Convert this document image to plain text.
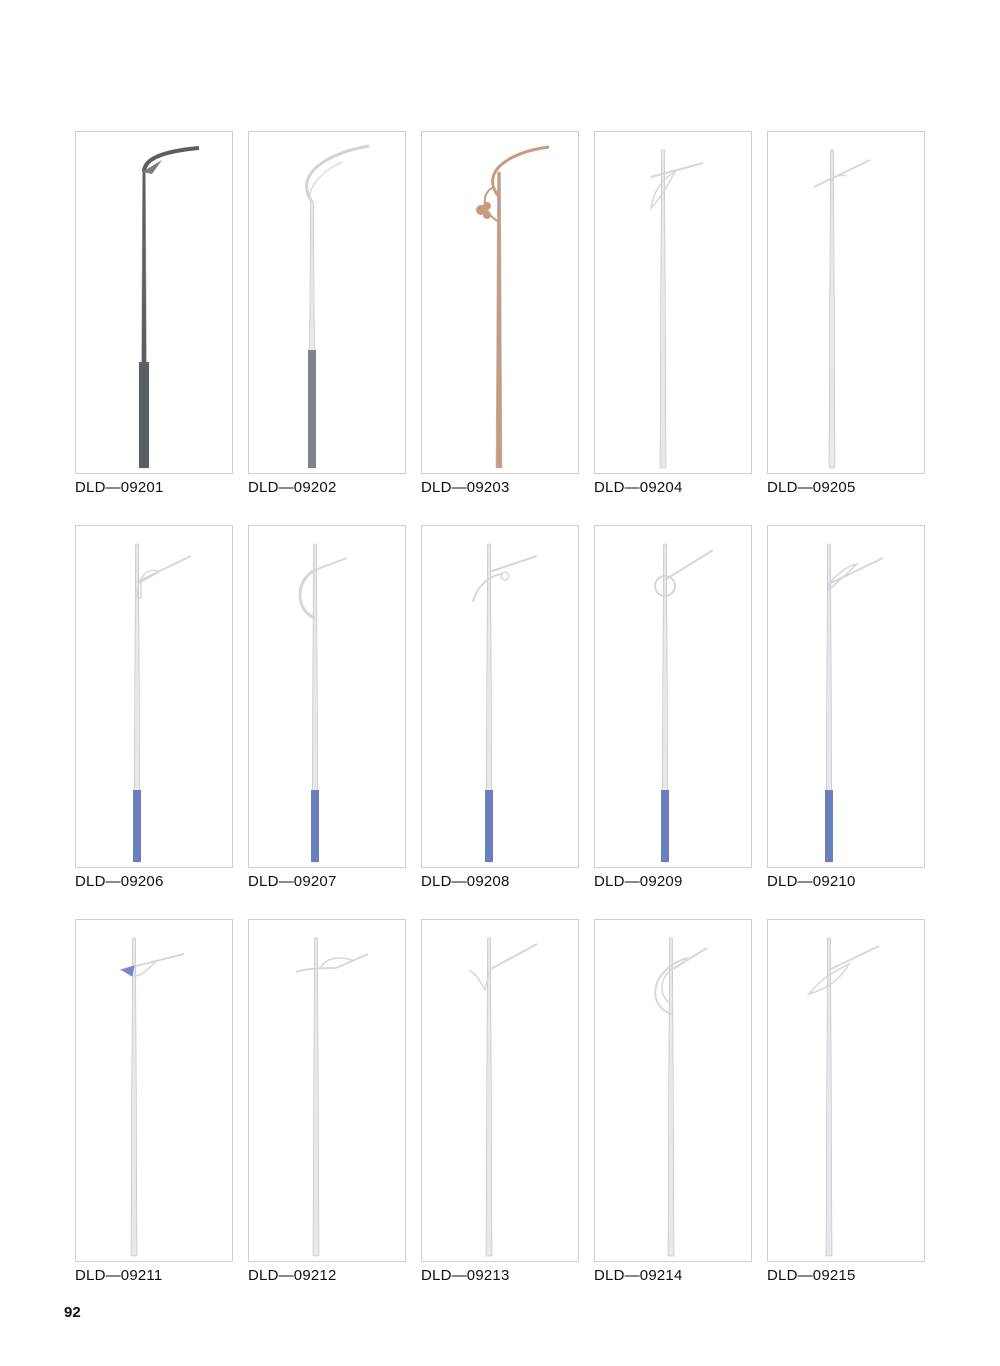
DLD—09201	DLD—09202	DLD—09203	DLD—09204	DLD—09205
DLD—09206	DLD—09207	DLD—09208	DLD—09209	DLD—09210
DLD—09211	DLD—09212	DLD—09213	DLD—09214	DLD—09215
92
